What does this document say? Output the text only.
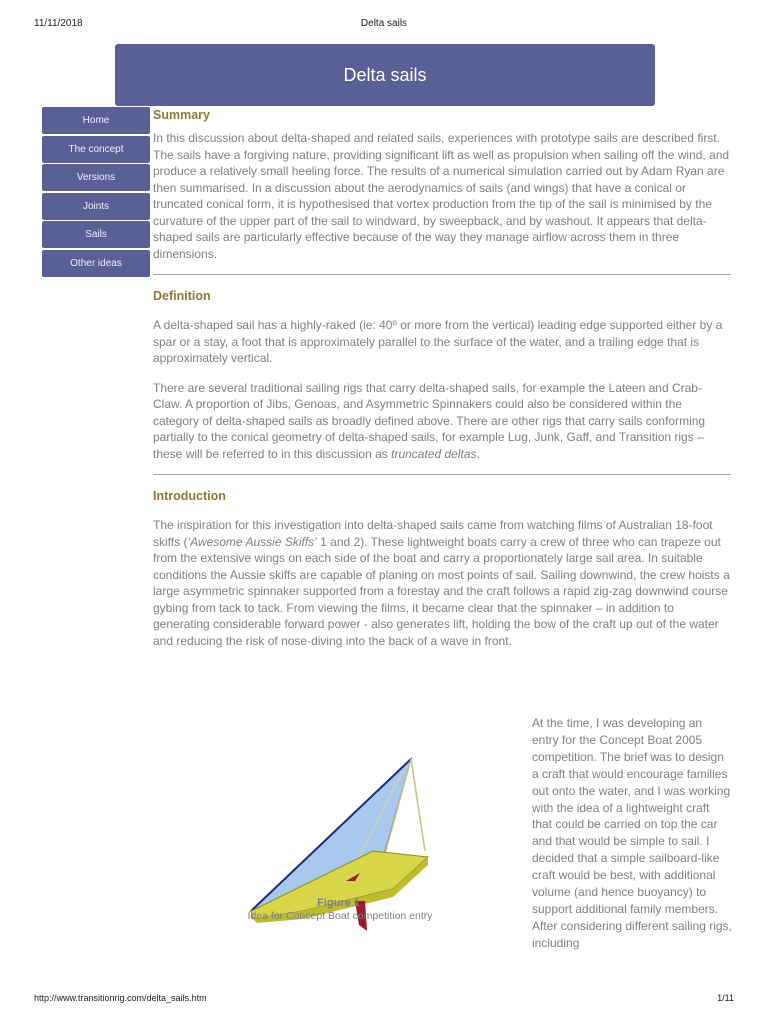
11/11/2018	Delta sails
Delta sails
Home
The concept
Versions
Joints
Sails
Other ideas
Summary

In this discussion about delta-shaped and related sails, experiences with prototype sails are described first. The sails have a forgiving nature, providing significant lift as well as propulsion when sailing off the wind, and produce a relatively small heeling force. The results of a numerical simulation carried out by Adam Ryan are then summarised. In a discussion about the aerodynamics of sails (and wings) that have a conical or truncated conical form, it is hypothesised that vortex production from the tip of the sail is minimised by the curvature of the upper part of the sail to windward, by sweepback, and by washout. It appears that delta-shaped sails are particularly effective because of the way they manage airflow across them in three dimensions.

Definition

A delta-shaped sail has a highly-raked (ie: 40º or more from the vertical) leading edge supported either by a spar or a stay, a foot that is approximately parallel to the surface of the water, and a trailing edge that is approximately vertical.

There are several traditional sailing rigs that carry delta-shaped sails, for example the Lateen and Crab-Claw. A proportion of Jibs, Genoas, and Asymmetric Spinnakers could also be considered within the category of delta-shaped sails as broadly defined above. There are other rigs that carry sails conforming partially to the conical geometry of delta-shaped sails, for example Lug, Junk, Gaff, and Transition rigs – these will be referred to in this discussion as truncated deltas.

Introduction

The inspiration for this investigation into delta-shaped sails came from watching films of Australian 18-foot skiffs (‘Awesome Aussie Skiffs’ 1 and 2). These lightweight boats carry a crew of three who can trapeze out from the extensive wings on each side of the boat and carry a proportionately large sail area. In suitable conditions the Aussie skiffs are capable of planing on most points of sail. Sailing downwind, the crew hoists a large asymmetric spinnaker supported from a forestay and the craft follows a rapid zig-zag downwind course gybing from tack to tack. From viewing the films, it became clear that the spinnaker – in addition to generating considerable forward power - also generates lift, holding the bow of the craft up out of the water and reducing the risk of nose-diving into the back of a wave in front.

Figure 1:
Idea for Concept Boat competition entry

At the time, I was developing an entry for the Concept Boat 2005 competition. The brief was to design a craft that would encourage families out onto the water, and I was working with the idea of a lightweight craft that could be carried on top the car and that would be simple to sail. I decided that a simple sailboard-like craft would be best, with additional volume (and hence buoyancy) to support additional family members. After considering different sailing rigs, including

http://www.transitionrig.com/delta_sails.htm	1/11
